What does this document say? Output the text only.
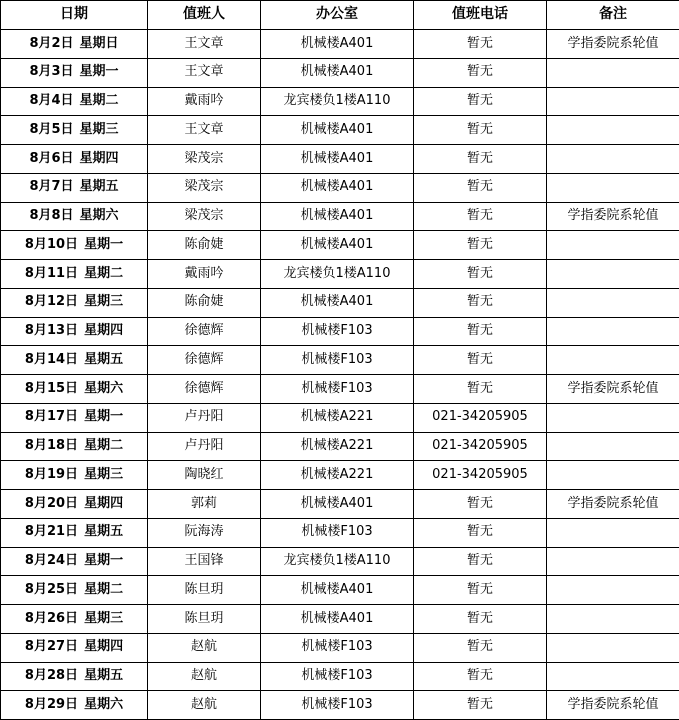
日期	值班人	办公室	值班电话	备注
8月2日 星期日	王文章	机械楼A401	暂无	学指委院系轮值
8月3日 星期一	王文章	机械楼A401	暂无	
8月4日 星期二	戴雨吟	龙宾楼负1楼A110	暂无	
8月5日 星期三	王文章	机械楼A401	暂无	
8月6日 星期四	梁茂宗	机械楼A401	暂无	
8月7日 星期五	梁茂宗	机械楼A401	暂无	
8月8日 星期六	梁茂宗	机械楼A401	暂无	学指委院系轮值
8月10日 星期一	陈俞婕	机械楼A401	暂无	
8月11日 星期二	戴雨吟	龙宾楼负1楼A110	暂无	
8月12日 星期三	陈俞婕	机械楼A401	暂无	
8月13日 星期四	徐德辉	机械楼F103	暂无	
8月14日 星期五	徐德辉	机械楼F103	暂无	
8月15日 星期六	徐德辉	机械楼F103	暂无	学指委院系轮值
8月17日 星期一	卢丹阳	机械楼A221	021-34205905	
8月18日 星期二	卢丹阳	机械楼A221	021-34205905	
8月19日 星期三	陶晓红	机械楼A221	021-34205905	
8月20日 星期四	郭莉	机械楼A401	暂无	学指委院系轮值
8月21日 星期五	阮海涛	机械楼F103	暂无	
8月24日 星期一	王国锋	龙宾楼负1楼A110	暂无	
8月25日 星期二	陈旦玥	机械楼A401	暂无	
8月26日 星期三	陈旦玥	机械楼A401	暂无	
8月27日 星期四	赵航	机械楼F103	暂无	
8月28日 星期五	赵航	机械楼F103	暂无	
8月29日 星期六	赵航	机械楼F103	暂无	学指委院系轮值
